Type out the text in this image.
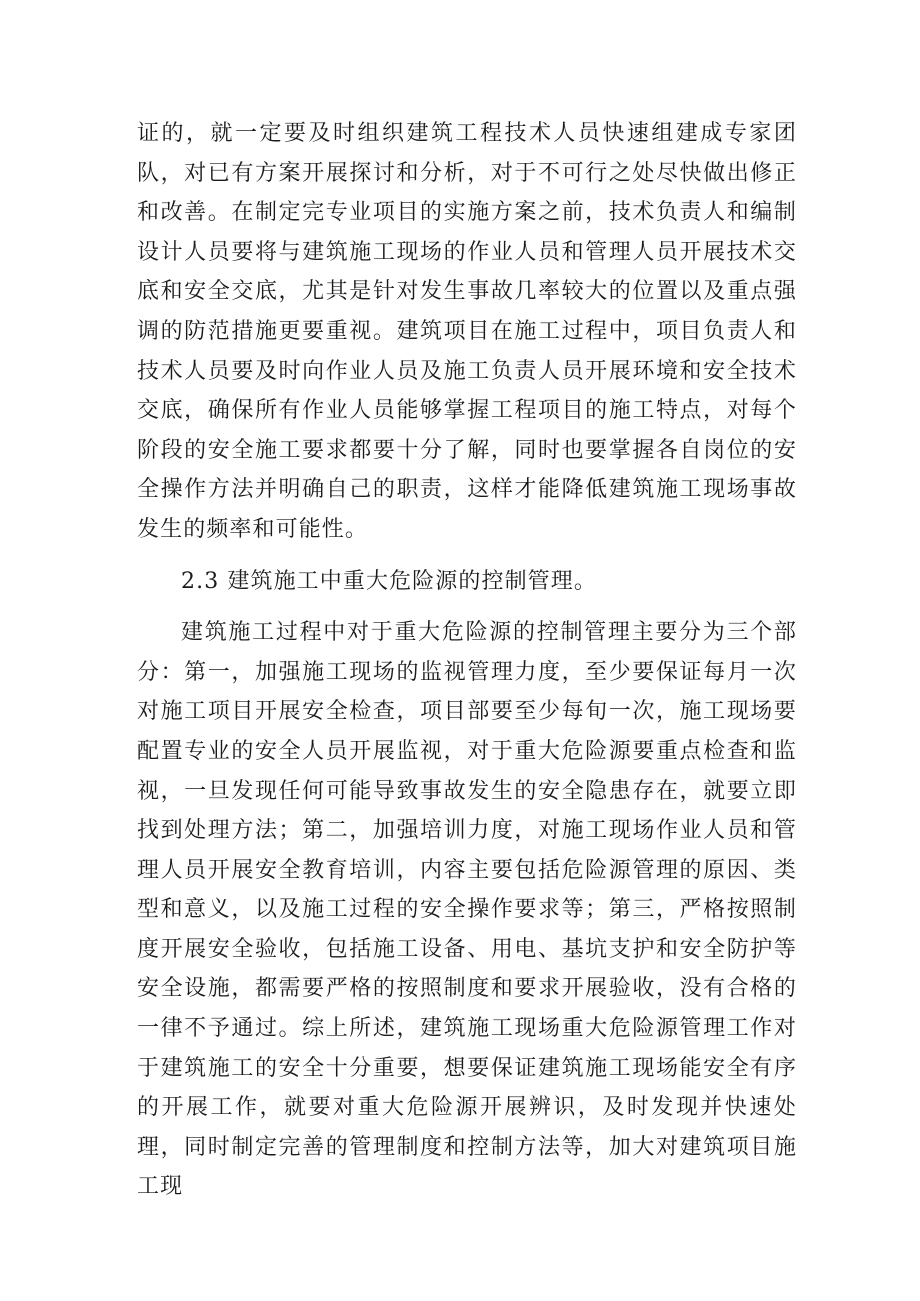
证的，就一定要及时组织建筑工程技术人员快速组建成专家团队，对已有方案开展探讨和分析，对于不可行之处尽快做出修正和改善。在制定完专业项目的实施方案之前，技术负责人和编制设计人员要将与建筑施工现场的作业人员和管理人员开展技术交底和安全交底，尤其是针对发生事故几率较大的位置以及重点强调的防范措施更要重视。建筑项目在施工过程中，项目负责人和技术人员要及时向作业人员及施工负责人员开展环境和安全技术交底，确保所有作业人员能够掌握工程项目的施工特点，对每个阶段的安全施工要求都要十分了解，同时也要掌握各自岗位的安全操作方法并明确自己的职责，这样才能降低建筑施工现场事故发生的频率和可能性。

2.3 建筑施工中重大危险源的控制管理。

建筑施工过程中对于重大危险源的控制管理主要分为三个部分：第一，加强施工现场的监视管理力度，至少要保证每月一次对施工项目开展安全检查，项目部要至少每旬一次，施工现场要配置专业的安全人员开展监视，对于重大危险源要重点检查和监视，一旦发现任何可能导致事故发生的安全隐患存在，就要立即找到处理方法；第二，加强培训力度，对施工现场作业人员和管理人员开展安全教育培训，内容主要包括危险源管理的原因、类型和意义，以及施工过程的安全操作要求等；第三，严格按照制度开展安全验收，包括施工设备、用电、基坑支护和安全防护等安全设施，都需要严格的按照制度和要求开展验收，没有合格的一律不予通过。综上所述，建筑施工现场重大危险源管理工作对于建筑施工的安全十分重要，想要保证建筑施工现场能安全有序的开展工作，就要对重大危险源开展辨识，及时发现并快速处理，同时制定完善的管理制度和控制方法等，加大对建筑项目施工现
